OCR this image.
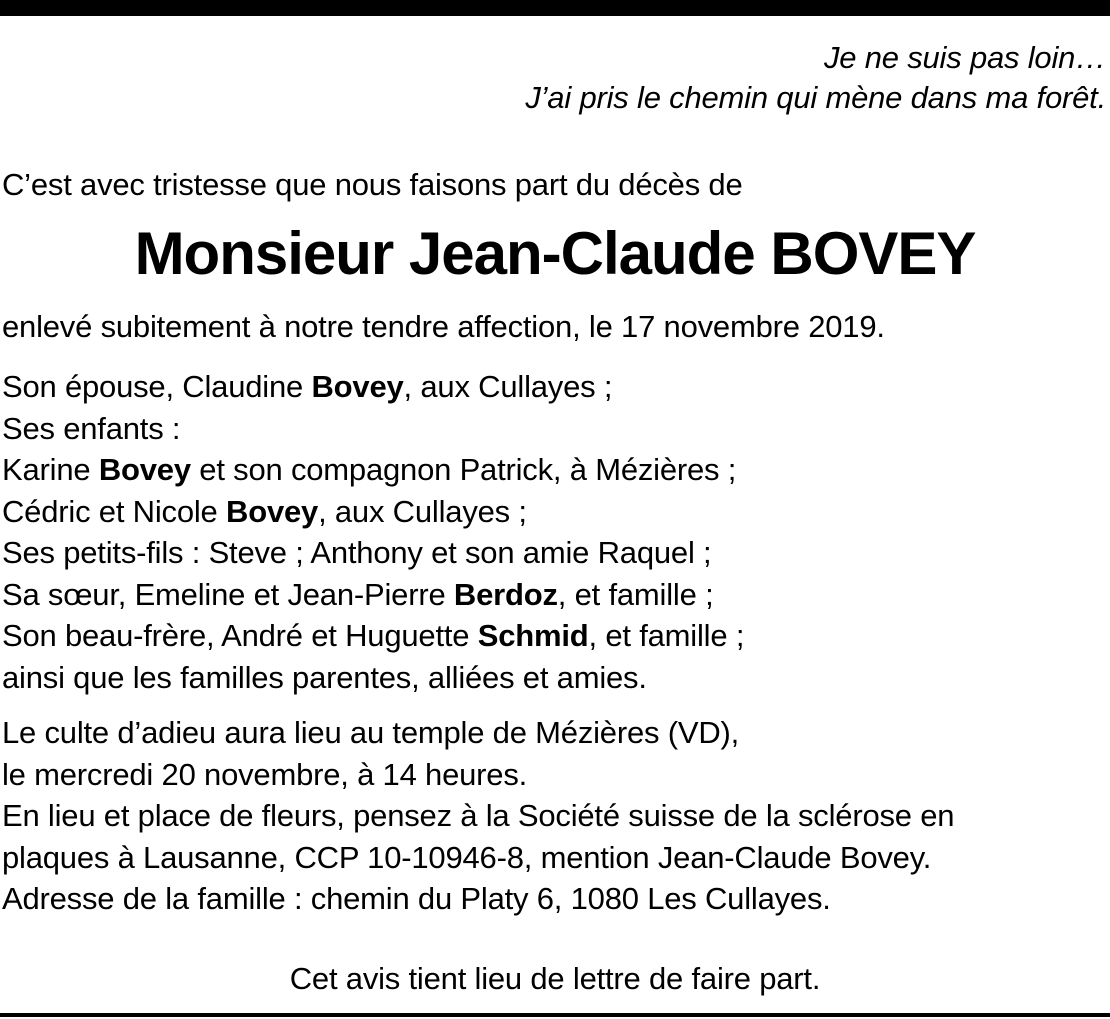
Je ne suis pas loin…
J’ai pris le chemin qui mène dans ma forêt.
C’est avec tristesse que nous faisons part du décès de
Monsieur Jean-Claude BOVEY
enlevé subitement à notre tendre affection, le 17 novembre 2019.
Son épouse, Claudine Bovey, aux Cullayes ;
Ses enfants :
Karine Bovey et son compagnon Patrick, à Mézières ;
Cédric et Nicole Bovey, aux Cullayes ;
Ses petits-fils : Steve ; Anthony et son amie Raquel ;
Sa sœur, Emeline et Jean-Pierre Berdoz, et famille ;
Son beau-frère, André et Huguette Schmid, et famille ;
ainsi que les familles parentes, alliées et amies.
Le culte d’adieu aura lieu au temple de Mézières (VD),
le mercredi 20 novembre, à 14 heures.
En lieu et place de fleurs, pensez à la Société suisse de la sclérose en
plaques à Lausanne, CCP 10-10946-8, mention Jean-Claude Bovey.
Adresse de la famille : chemin du Platy 6, 1080 Les Cullayes.
Cet avis tient lieu de lettre de faire part.
